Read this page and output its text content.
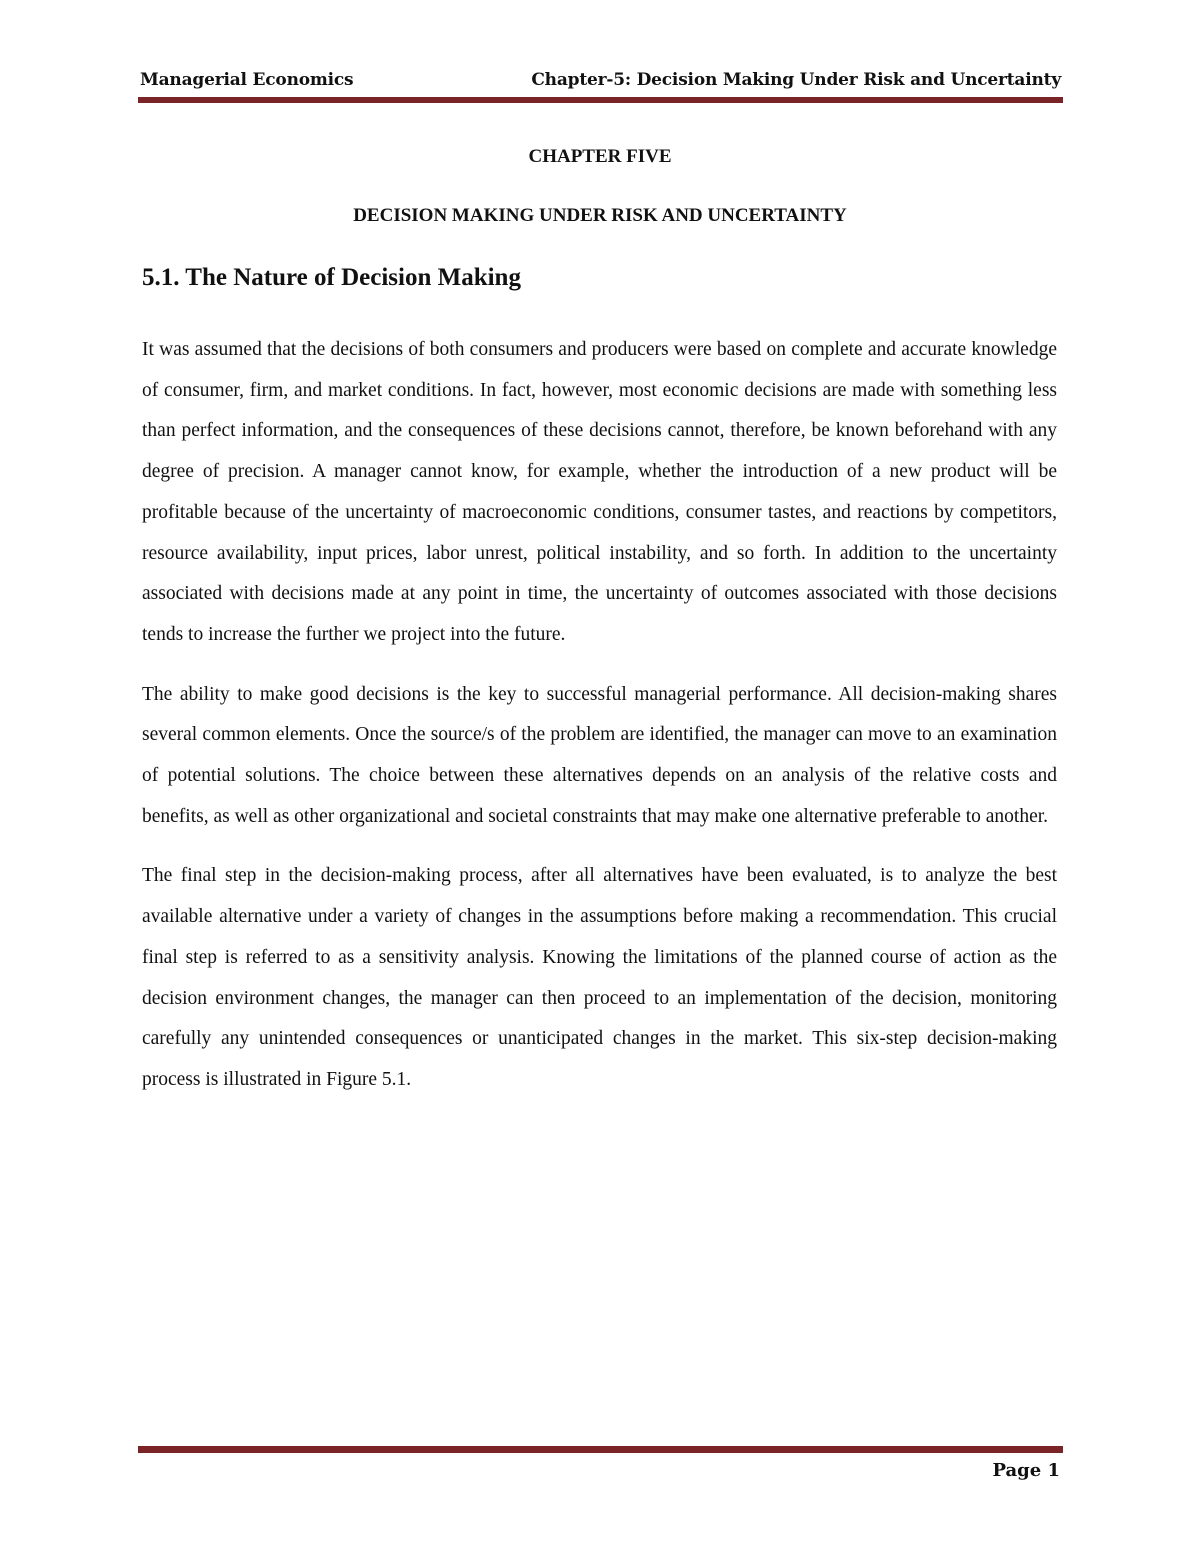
Managerial Economics	Chapter-5: Decision Making Under Risk and Uncertainty
CHAPTER FIVE
DECISION MAKING UNDER RISK AND UNCERTAINTY
5.1. The Nature of Decision Making

It was assumed that the decisions of both consumers and producers were based on complete and accurate knowledge of consumer, firm, and market conditions. In fact, however, most economic decisions are made with something less than perfect information, and the consequences of these decisions cannot, therefore, be known beforehand with any degree of precision. A manager cannot know, for example, whether the introduction of a new product will be profitable because of the uncertainty of macroeconomic conditions, consumer tastes, and reactions by competitors, resource availability, input prices, labor unrest, political instability, and so forth. In addition to the uncertainty associated with decisions made at any point in time, the uncertainty of outcomes associated with those decisions tends to increase the further we project into the future.

The ability to make good decisions is the key to successful managerial performance. All decision-making shares several common elements. Once the source/s of the problem are identified, the manager can move to an examination of potential solutions. The choice between these alternatives depends on an analysis of the relative costs and benefits, as well as other organizational and societal constraints that may make one alternative preferable to another.

The final step in the decision-making process, after all alternatives have been evaluated, is to analyze the best available alternative under a variety of changes in the assumptions before making a recommendation. This crucial final step is referred to as a sensitivity analysis. Knowing the limitations of the planned course of action as the decision environment changes, the manager can then proceed to an implementation of the decision, monitoring carefully any unintended consequences or unanticipated changes in the market. This six-step decision-making process is illustrated in Figure 5.1.

Page 1
